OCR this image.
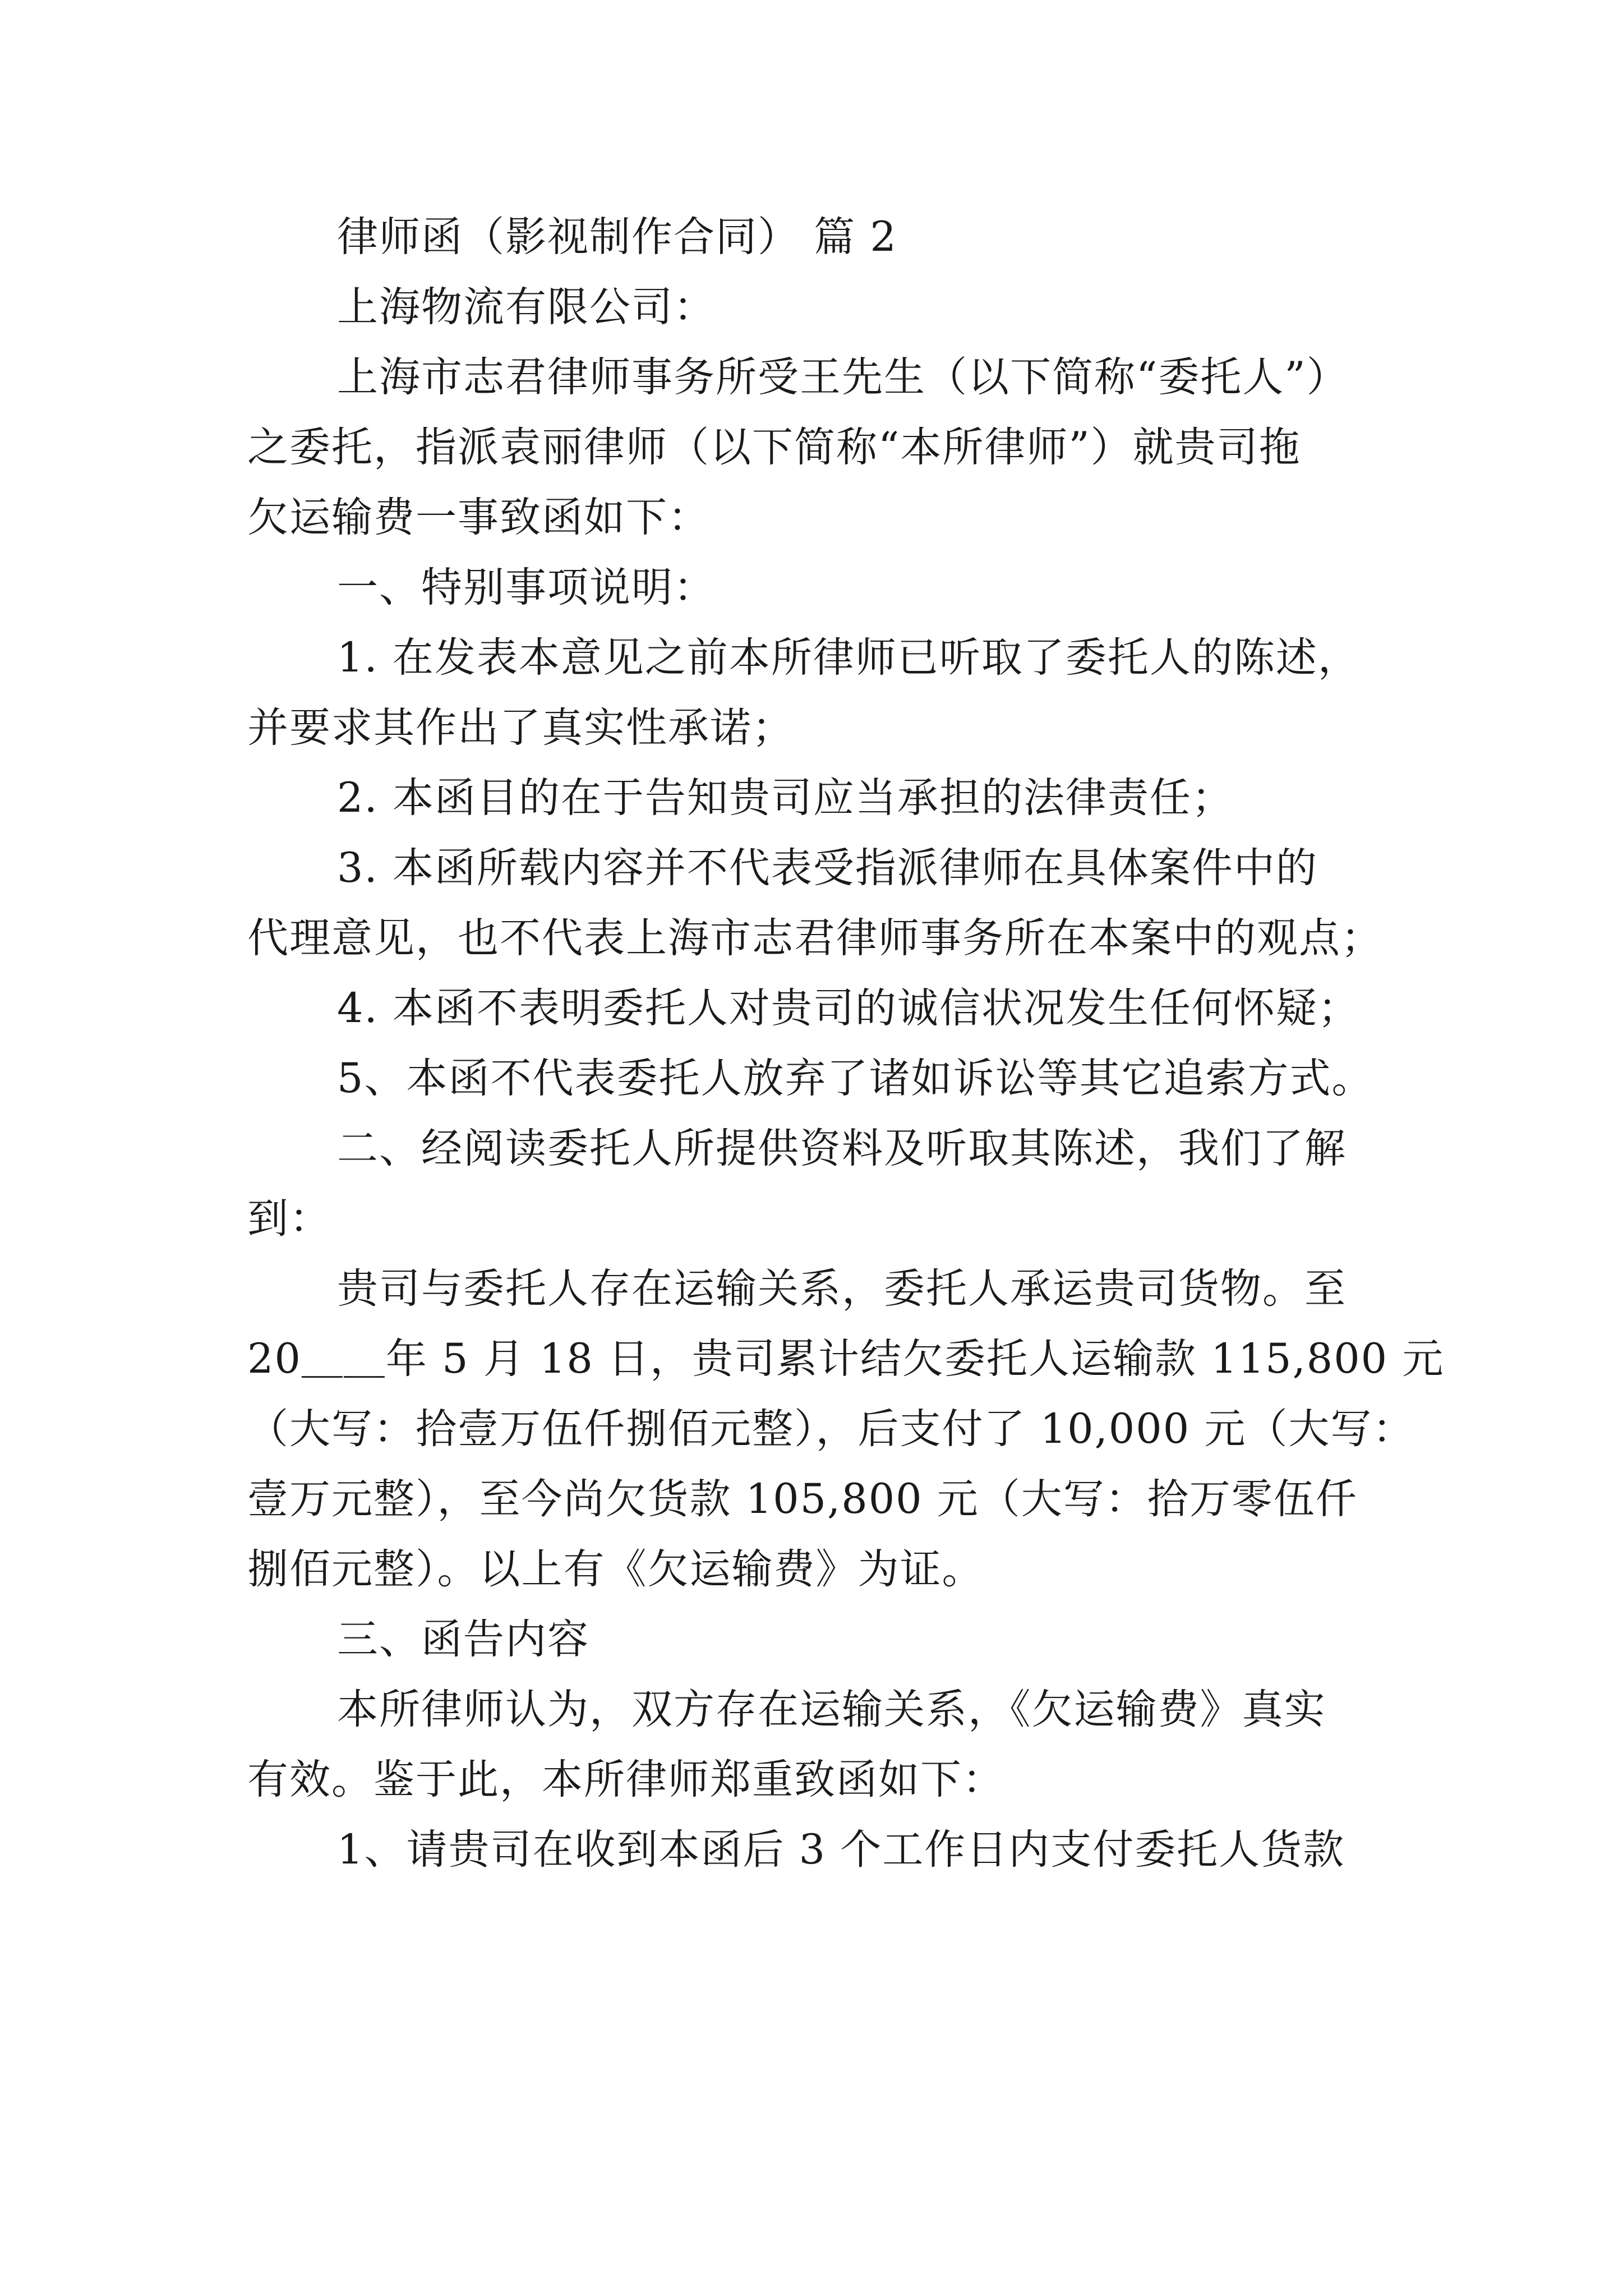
律师函（影视制作合同） 篇 2
上海物流有限公司：
上海市志君律师事务所受王先生（以下简称“委托人”）
之委托，指派袁丽律师（以下简称“本所律师”）就贵司拖
欠运输费一事致函如下：
一、特别事项说明：
1. 在发表本意见之前本所律师已听取了委托人的陈述，
并要求其作出了真实性承诺；
2. 本函目的在于告知贵司应当承担的法律责任；
3. 本函所载内容并不代表受指派律师在具体案件中的
代理意见，也不代表上海市志君律师事务所在本案中的观点；
4. 本函不表明委托人对贵司的诚信状况发生任何怀疑；
5、本函不代表委托人放弃了诸如诉讼等其它追索方式。
二、经阅读委托人所提供资料及听取其陈述，我们了解
到：
贵司与委托人存在运输关系，委托人承运贵司货物。至
20＿＿年 5 月 18 日，贵司累计结欠委托人运输款 115,800 元
（大写：拾壹万伍仟捌佰元整），后支付了 10,000 元（大写：
壹万元整），至今尚欠货款 105,800 元（大写：拾万零伍仟
捌佰元整）。以上有《欠运输费》为证。
三、函告内容
本所律师认为，双方存在运输关系，《欠运输费》真实
有效。鉴于此，本所律师郑重致函如下：
1、请贵司在收到本函后 3 个工作日内支付委托人货款
